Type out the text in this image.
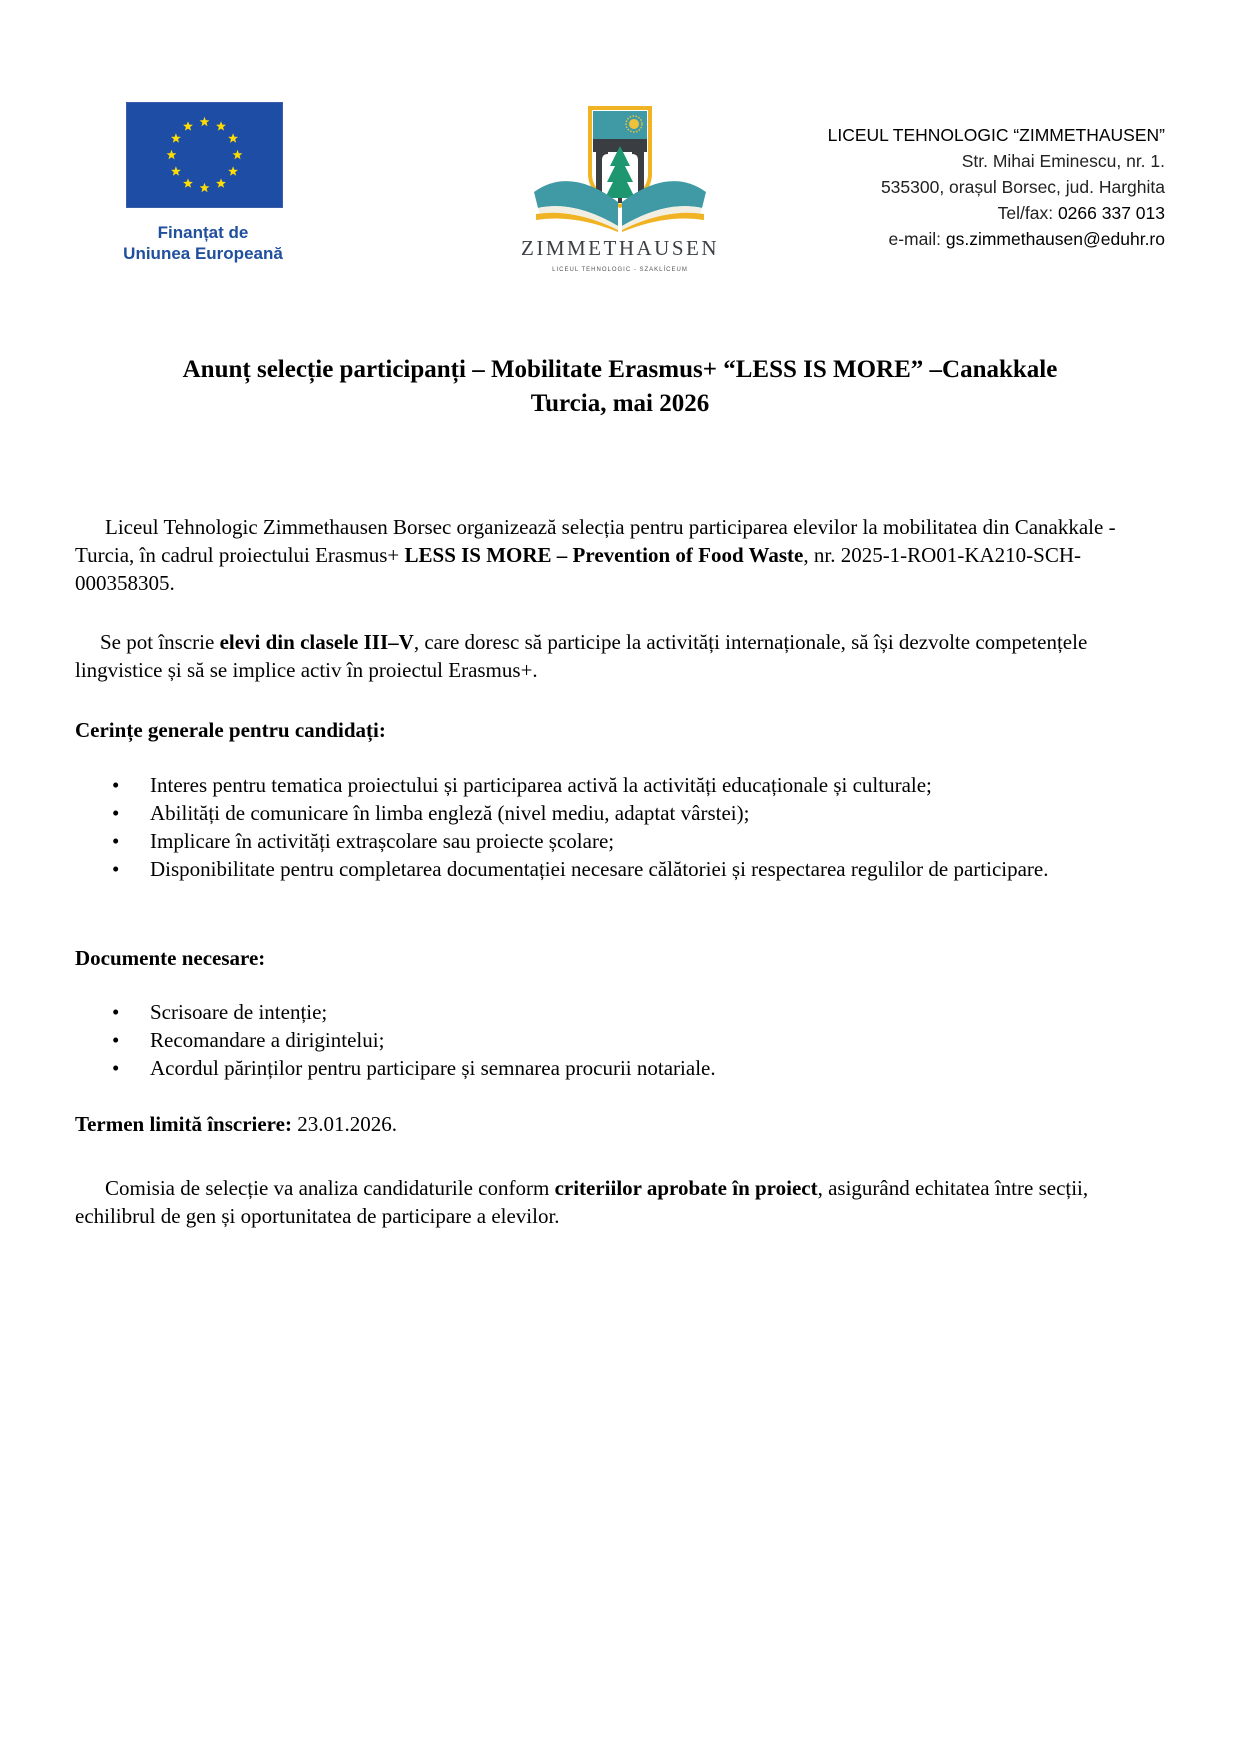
Finanțat de
Uniunea Europeană	ZIMMETHAUSEN
LICEUL TEHNOLOGIC - SZAKLÍCEUM
LICEUL TEHNOLOGIC “ZIMMETHAUSEN”
Str. Mihai Eminescu, nr. 1.
535300, orașul Borsec, jud. Harghita
Tel/fax: 0266 337 013
e-mail: gs.zimmethausen@eduhr.ro
Anunț selecție participanți – Mobilitate Erasmus+ “LESS IS MORE” –Canakkale
Turcia, mai 2026

Liceul Tehnologic Zimmethausen Borsec organizează selecția pentru participarea elevilor la mobilitatea din Canakkale - Turcia, în cadrul proiectului Erasmus+ LESS IS MORE – Prevention of Food Waste, nr. 2025-1-RO01-KA210-SCH-000358305.

Se pot înscrie elevi din clasele III–V, care doresc să participe la activități internaționale, să își dezvolte competențele lingvistice și să se implice activ în proiectul Erasmus+.

Cerințe generale pentru candidați:

• Interes pentru tematica proiectului și participarea activă la activități educaționale și culturale;
• Abilități de comunicare în limba engleză (nivel mediu, adaptat vârstei);
• Implicare în activități extrașcolare sau proiecte școlare;
• Disponibilitate pentru completarea documentației necesare călătoriei și respectarea regulilor de participare.

Documente necesare:

• Scrisoare de intenție;
• Recomandare a dirigintelui;
• Acordul părinților pentru participare și semnarea procurii notariale.

Termen limită înscriere: 23.01.2026.

Comisia de selecție va analiza candidaturile conform criteriilor aprobate în proiect, asigurând echitatea între secții, echilibrul de gen și oportunitatea de participare a elevilor.
